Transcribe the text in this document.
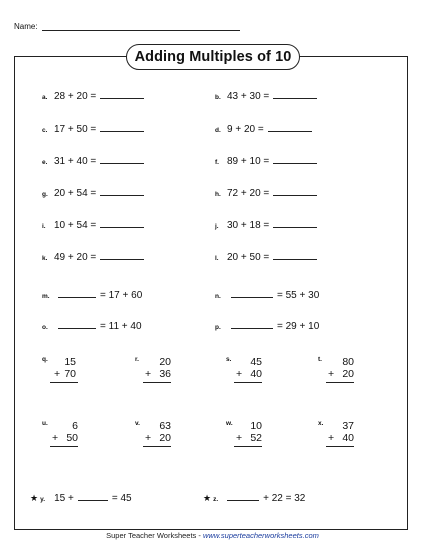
Name:
Adding Multiples of 10
a. 28 + 20 =	b. 43 + 30 =
c. 17 + 50 =	d. 9 + 20 =
e. 31 + 40 =	f. 89 + 10 =
g. 20 + 54 =	h. 72 + 20 =
i. 10 + 54 =	j. 30 + 18 =
k. 49 + 20 =	l. 20 + 50 =
m.	= 17 + 60	n.	= 55 + 30
o.	= 11 + 40	p.	= 29 + 10
q.	15
+ 70
r.	20
+ 36
s.	45
+ 40
t.	80
+ 20
u.	6
+ 50
v.	63
+ 20
w.	10
+ 52
x.	37
+ 40
★ y. 15 +	= 45	★ z.	+ 22 = 32
Super Teacher Worksheets - www.superteacherworksheets.com
